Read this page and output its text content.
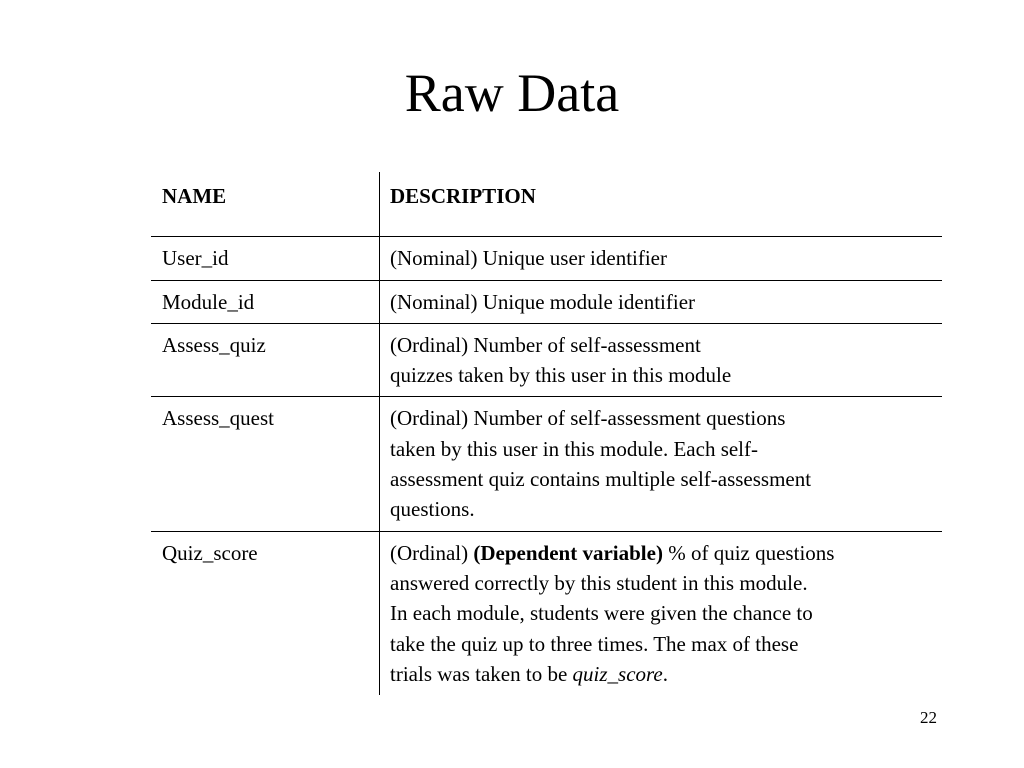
Raw Data
NAME	DESCRIPTION
User_id	(Nominal) Unique user identifier
Module_id	(Nominal) Unique module identifier
Assess_quiz	(Ordinal) Number of self-assessment
quizzes taken by this user in this module
Assess_quest	(Ordinal) Number of self-assessment questions
taken by this user in this module. Each self-
assessment quiz contains multiple self-assessment
questions.
Quiz_score	(Ordinal) (Dependent variable) % of quiz questions
answered correctly by this student in this module.
In each module, students were given the chance to
take the quiz up to three times. The max of these
trials was taken to be quiz_score.
22
